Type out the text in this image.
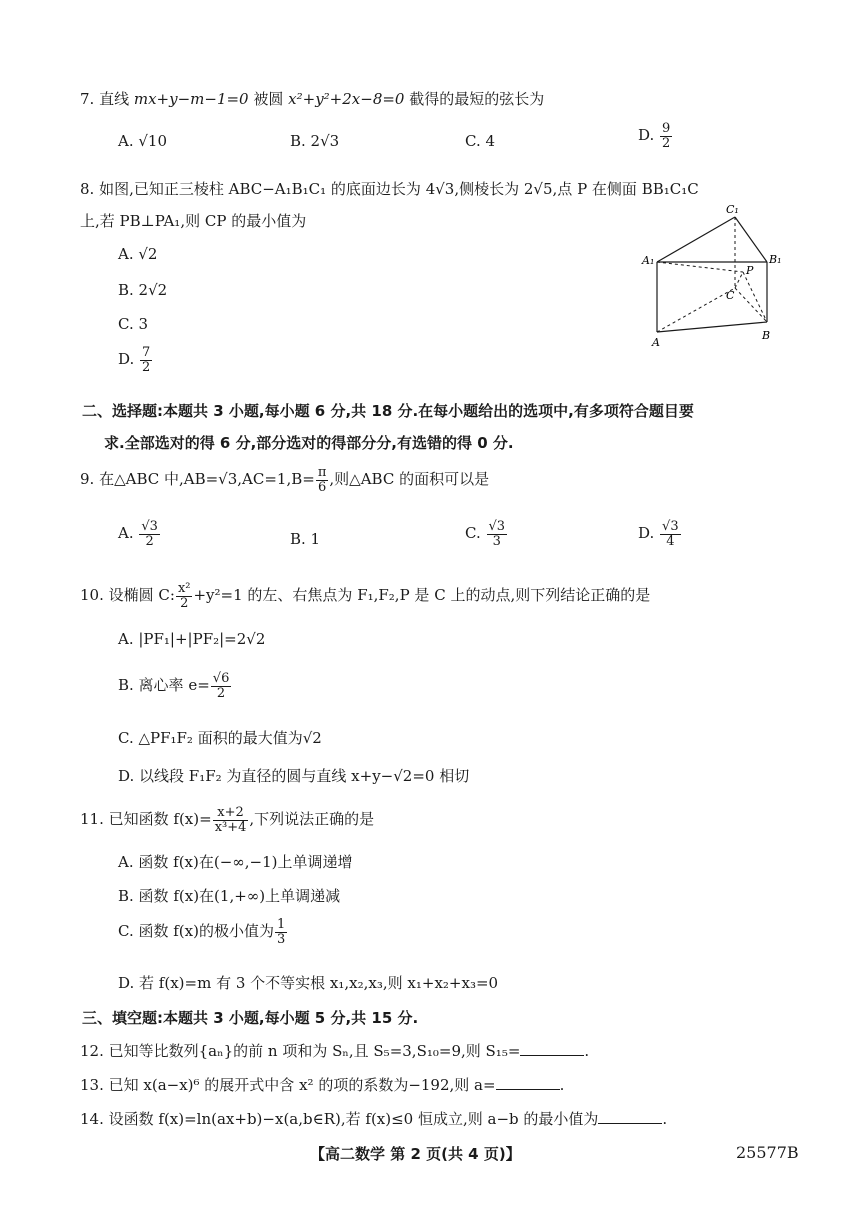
7. 直线 mx+y−m−1=0 被圆 x²+y²+2x−8=0 截得的最短的弦长为
A. √10	B. 2√3	C. 4	D. $\frac{9}{2}$
8. 如图,已知正三棱柱 ABC−A₁B₁C₁ 的底面边长为 4√3,侧棱长为 2√5,点 P 在侧面 BB₁C₁C
上,若 PB⊥PA₁,则 CP 的最小值为
A. √2
B. 2√2
C. 3
D. $\frac{7}{2}$
C₁
A₁	B₁
P
C
A
B
二、选择题:本题共 3 小题,每小题 6 分,共 18 分.在每小题给出的选项中,有多项符合题目要
求.全部选对的得 6 分,部分选对的得部分分,有选错的得 0 分.
9. 在△ABC 中$,AB=√3,AC=1,B= \frac{\pi}{6}$ ,则△ABC 的面积可以是
A. $\frac{√3}{2}$	B. 1	C. $\frac{√3}{3}$	D. $\frac{√3}{4}$
10. 设椭圆 C: $\frac{\text{x²}}{2} +y^2=1$ 的左、右焦点为 F₁,F₂,P 是 C 上的动点,则下列结论正确的是
A. |PF₁|+|PF₂|=2√2
B. 离心率 $e= \frac{√6}{2}$
C. △PF₁F₂ 面积的最大值为√2
D. 以线段 F₁F₂ 为直径的圆与直线 x+y−√2=0 相切
11. 已知函数 $f(x)= \frac{x+2}{\text{x³+4}}$ ,下列说法正确的是
A. 函数 f(x)在(−∞,−1)上单调递增
B. 函数 f(x)在(1,+∞)上单调递减
C. 函数 f(x)的极小值为 $\frac{1}{3}$
D. 若 f(x)=m 有 3 个不等实根 x₁,x₂,x₃,则 x₁+x₂+x₃=0
三、填空题:本题共 3 小题,每小题 5 分,共 15 分.
12. 已知等比数列{aₙ}的前 n 项和为 Sₙ,且 S₅=3,S₁₀=9,则 S₁₅=	.
13. 已知 x(a−x)⁶ 的展开式中含 x² 的项的系数为−192,则 a=	.
14. 设函数 f(x)=ln(ax+b)−x(a,b∈R),若 f(x)≤0 恒成立,则 a−b 的最小值为	.
【高二数学 第 2 页(共 4 页)】	25577B
